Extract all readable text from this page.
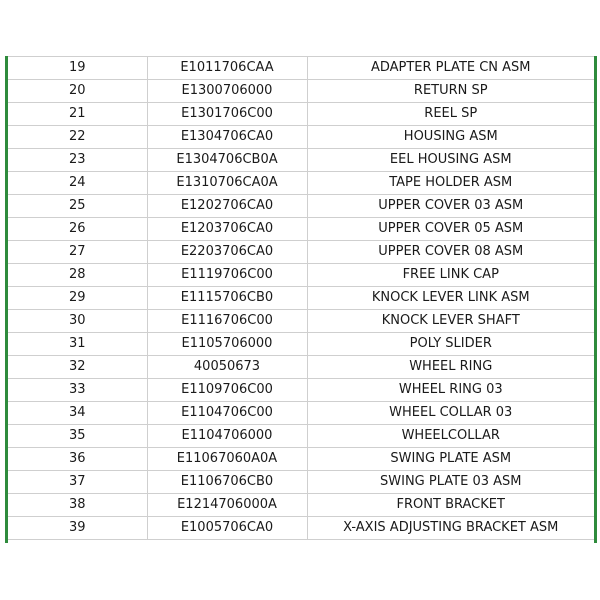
19	E1011706CAA	ADAPTER PLATE CN ASM
20	E1300706000	RETURN SP
21	E1301706C00	REEL SP
22	E1304706CA0	HOUSING ASM
23	E1304706CB0A	EEL HOUSING ASM
24	E1310706CA0A	TAPE HOLDER ASM
25	E1202706CA0	UPPER COVER 03 ASM
26	E1203706CA0	UPPER COVER 05 ASM
27	E2203706CA0	UPPER COVER 08 ASM
28	E1119706C00	FREE LINK CAP
29	E1115706CB0	KNOCK LEVER LINK ASM
30	E1116706C00	KNOCK LEVER SHAFT
31	E1105706000	POLY SLIDER
32	40050673	WHEEL RING
33	E1109706C00	WHEEL RING 03
34	E1104706C00	WHEEL COLLAR 03
35	E1104706000	WHEELCOLLAR
36	E11067060A0A	SWING PLATE ASM
37	E1106706CB0	SWING PLATE 03 ASM
38	E1214706000A	FRONT BRACKET
39	E1005706CA0	X-AXIS ADJUSTING BRACKET ASM
